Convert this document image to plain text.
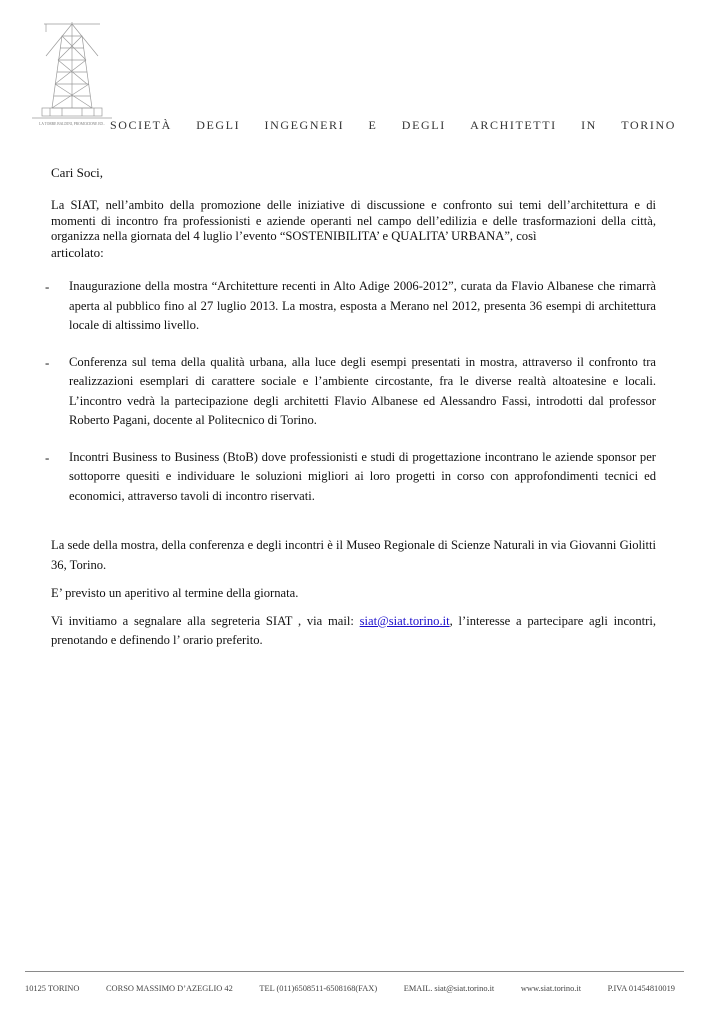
LA TORRE BALDINI, PROMOZIONE ED.. SOCIETÀ DEGLI INGEGNERI E DEGLI ARCHITETTI IN TORINO

Cari Soci,

La SIAT, nell’ambito della promozione delle iniziative di discussione e confronto sui temi dell’architettura e di momenti di incontro fra professionisti e aziende operanti nel campo dell’edilizia e delle trasformazioni della città, organizza nella giornata del 4 luglio l’evento “SOSTENIBILITA’ e QUALITA’ URBANA”, così
articolato:

- Inaugurazione della mostra “Architetture recenti in Alto Adige 2006-2012”, curata da Flavio Albanese che rimarrà aperta al pubblico fino al 27 luglio 2013. La mostra, esposta a Merano nel 2012, presenta 36 esempi di architettura locale di altissimo livello.

- Conferenza sul tema della qualità urbana, alla luce degli esempi presentati in mostra, attraverso il confronto tra realizzazioni esemplari di carattere sociale e l’ambiente circostante, fra le diverse realtà altoatesine e locali. L’incontro vedrà la partecipazione degli architetti Flavio Albanese ed Alessandro Fassi, introdotti dal professor Roberto Pagani, docente al Politecnico di Torino.

- Incontri Business to Business (BtoB) dove professionisti e studi di progettazione incontrano le aziende sponsor per sottoporre quesiti e individuare le soluzioni migliori ai loro progetti in corso con approfondimenti tecnici ed economici, attraverso tavoli di incontro riservati.

La sede della mostra, della conferenza e degli incontri è il Museo Regionale di Scienze Naturali in via Giovanni Giolitti 36, Torino.

E’ previsto un aperitivo al termine della giornata.

Vi invitiamo a segnalare alla segreteria SIAT , via mail: siat@siat.torino.it, l’interesse a partecipare agli incontri, prenotando e definendo l’ orario preferito.

10125 TORINO	CORSO MASSIMO D’AZEGLIO 42	TEL (011)6508511-6508168(FAX)	EMAIL. siat@siat.torino.it	www.siat.torino.it	P.IVA 01454810019
